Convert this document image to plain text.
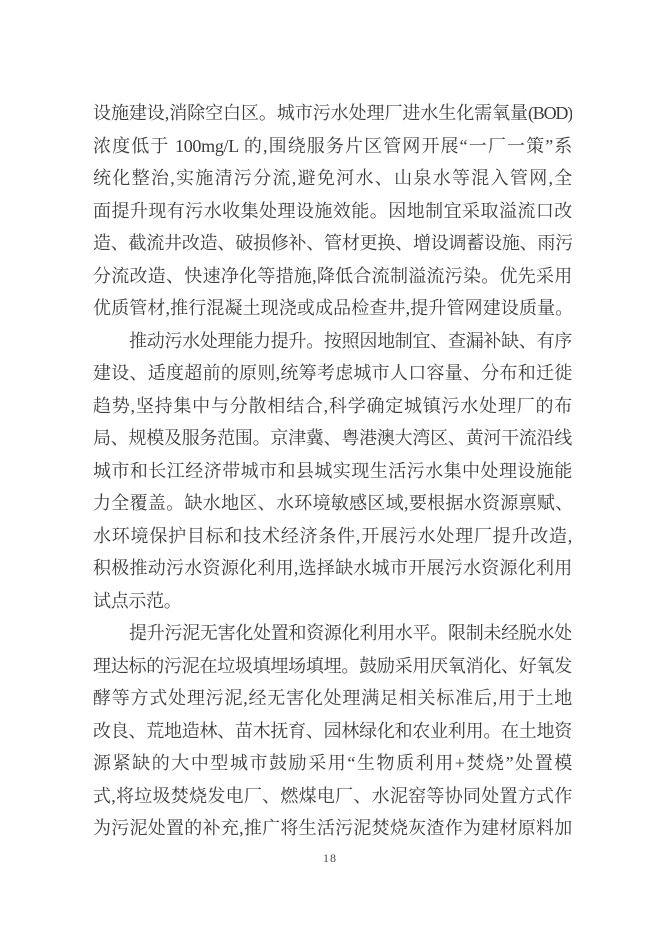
设施建设,消除空白区。城市污水处理厂进水生化需氧量(BOD)
浓度低于 100mg/L 的,围绕服务片区管网开展“一厂一策”系
统化整治,实施清污分流,避免河水、山泉水等混入管网,全
面提升现有污水收集处理设施效能。因地制宜采取溢流口改
造、截流井改造、破损修补、管材更换、增设调蓄设施、雨污
分流改造、快速净化等措施,降低合流制溢流污染。优先采用
优质管材,推行混凝土现浇或成品检查井,提升管网建设质量。
推动污水处理能力提升。按照因地制宜、查漏补缺、有序
建设、适度超前的原则,统筹考虑城市人口容量、分布和迁徙
趋势,坚持集中与分散相结合,科学确定城镇污水处理厂的布
局、规模及服务范围。京津冀、粤港澳大湾区、黄河干流沿线
城市和长江经济带城市和县城实现生活污水集中处理设施能
力全覆盖。缺水地区、水环境敏感区域,要根据水资源禀赋、
水环境保护目标和技术经济条件,开展污水处理厂提升改造,
积极推动污水资源化利用,选择缺水城市开展污水资源化利用
试点示范。
提升污泥无害化处置和资源化利用水平。限制未经脱水处
理达标的污泥在垃圾填埋场填埋。鼓励采用厌氧消化、好氧发
酵等方式处理污泥,经无害化处理满足相关标准后,用于土地
改良、荒地造林、苗木抚育、园林绿化和农业利用。在土地资
源紧缺的大中型城市鼓励采用“生物质利用+焚烧”处置模
式,将垃圾焚烧发电厂、燃煤电厂、水泥窑等协同处置方式作
为污泥处置的补充,推广将生活污泥焚烧灰渣作为建材原料加
18
